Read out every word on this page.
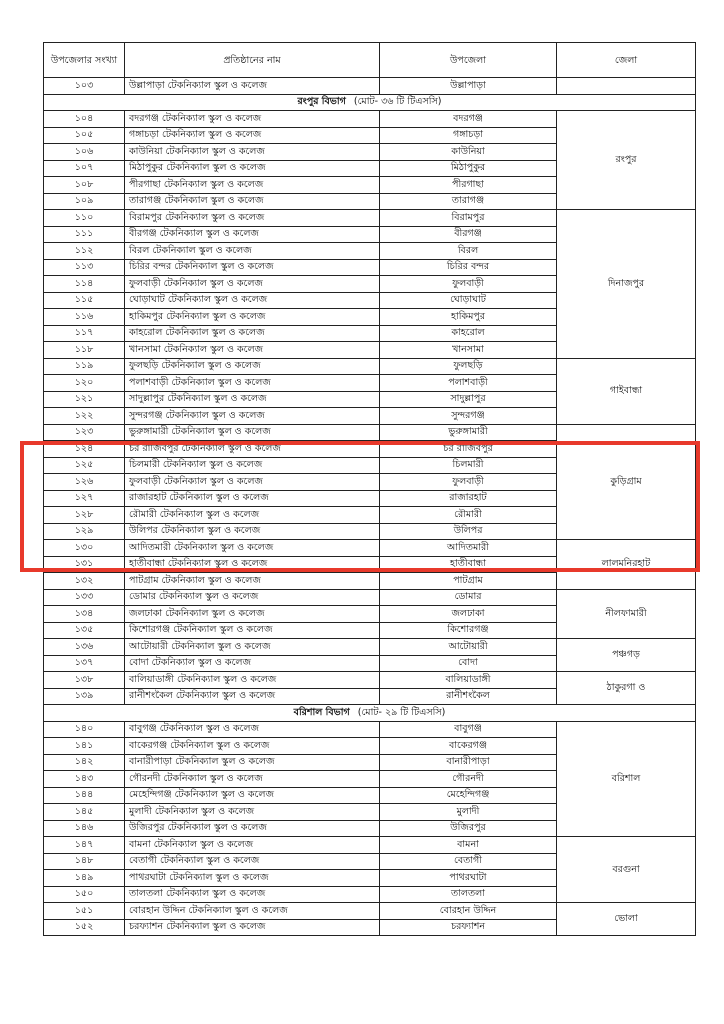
উপজেলার সংখ্যা	প্রতিষ্ঠানের নাম	উপজেলা	জেলা
১০৩	উল্লাপাড়া টেকনিক্যাল স্কুল ও কলেজ	উল্লাপাড়া	
রংপুর বিভাগ (মোট- ৩৬ টি টিএসসি)			
১০৪	বদরগঞ্জ টেকনিক্যাল স্কুল ও কলেজ	বদরগঞ্জ	রংপুর
১০৫	গঙ্গাচড়া টেকনিক্যাল স্কুল ও কলেজ	গঙ্গাচড়া	
১০৬	কাউনিয়া টেকনিক্যাল স্কুল ও কলেজ	কাউনিয়া	
১০৭	মিঠাপুকুর টেকনিক্যাল স্কুল ও কলেজ	মিঠাপুকুর	
১০৮	পীরগাছা টেকনিক্যাল স্কুল ও কলেজ	পীরগাছা	
১০৯	তারাগঞ্জ টেকনিক্যাল স্কুল ও কলেজ	তারাগঞ্জ	
১১০	বিরামপুর টেকনিক্যাল স্কুল ও কলেজ	বিরামপুর	দিনাজপুর
১১১	বীরগঞ্জ টেকনিক্যাল স্কুল ও কলেজ	বীরগঞ্জ	
১১২	বিরল টেকনিক্যাল স্কুল ও কলেজ	বিরল	
১১৩	চিরির বন্দর টেকনিক্যাল স্কুল ও কলেজ	চিরির বন্দর	
১১৪	ফুলবাড়ী টেকনিক্যাল স্কুল ও কলেজ	ফুলবাড়ী	
১১৫	ঘোড়াঘাট টেকনিক্যাল স্কুল ও কলেজ	ঘোড়াঘাট	
১১৬	হাকিমপুর টেকনিক্যাল স্কুল ও কলেজ	হাকিমপুর	
১১৭	কাহরোল টেকনিক্যাল স্কুল ও কলেজ	কাহরোল	
১১৮	খানসামা টেকনিক্যাল স্কুল ও কলেজ	খানসামা	
১১৯	ফুলছড়ি টেকনিক্যাল স্কুল ও কলেজ	ফুলছড়ি	গাইবান্ধা
১২০	পলাশবাড়ী টেকনিক্যাল স্কুল ও কলেজ	পলাশবাড়ী	
১২১	সাদুল্লাপুর টেকনিক্যাল স্কুল ও কলেজ	সাদুল্লাপুর	
১২২	সুন্দরগঞ্জ টেকনিক্যাল স্কুল ও কলেজ	সুন্দরগঞ্জ	
১২৩	ভুরুঙ্গামারী টেকনিক্যাল স্কুল ও কলেজ	ভুরুঙ্গামারী	কুড়িগ্রাম
১২৪	চর রাজিবপুর টেকনিক্যাল স্কুল ও কলেজ	চর রাজিবপুর	
১২৫	চিলমারী টেকনিক্যাল স্কুল ও কলেজ	চিলমারী	
১২৬	ফুলবাড়ী টেকনিক্যাল স্কুল ও কলেজ	ফুলবাড়ী	
১২৭	রাজারহাট টেকনিক্যাল স্কুল ও কলেজ	রাজারহাট	
১২৮	রৌমারী টেকনিক্যাল স্কুল ও কলেজ	রৌমারী	
১২৯	উলিপর টেকনিক্যাল স্কুল ও কলেজ	উলিপর	
১৩০	আদিতমারী টেকনিক্যাল স্কুল ও কলেজ	আদিতমারী	লালমনিরহাট
১৩১	হাতীবান্ধা টেকনিক্যাল স্কুল ও কলেজ	হাতীবান্ধা	
১৩২	পাটগ্রাম টেকনিক্যাল স্কুল ও কলেজ	পাটগ্রাম	
১৩৩	ডোমার টেকনিক্যাল স্কুল ও কলেজ	ডোমার	নীলফামারী
১৩৪	জলঢাকা টেকনিক্যাল স্কুল ও কলেজ	জলঢাকা	
১৩৫	কিশোরগঞ্জ টেকনিক্যাল স্কুল ও কলেজ	কিশোরগঞ্জ	
১৩৬	আটোয়ারী টেকনিক্যাল স্কুল ও কলেজ	আটোয়ারী	পঞ্চগড়
১৩৭	বোদা টেকনিক্যাল স্কুল ও কলেজ	বোদা	
১৩৮	বালিয়াডাঙ্গী টেকনিক্যাল স্কুল ও কলেজ	বালিয়াডাঙ্গী	ঠাকুরগা ও
১৩৯	রানীশংকৈল টেকনিক্যাল স্কুল ও কলেজ	রানীশংকৈল	
বরিশাল বিভাগ (মোট- ২৯ টি টিএসসি)			
১৪০	বাবুগঞ্জ টেকনিক্যাল স্কুল ও কলেজ	বাবুগঞ্জ	বরিশাল
১৪১	বাকেরগঞ্জ টেকনিক্যাল স্কুল ও কলেজ	বাকেরগঞ্জ	
১৪২	বানারীপাড়া টেকনিক্যাল স্কুল ও কলেজ	বানারীপাড়া	
১৪৩	গৌরনদী টেকনিক্যাল স্কুল ও কলেজ	গৌরনদী	
১৪৪	মেহেন্দিগঞ্জ টেকনিক্যাল স্কুল ও কলেজ	মেহেন্দিগঞ্জ	
১৪৫	মুলাদী টেকনিক্যাল স্কুল ও কলেজ	মুলাদী	
১৪৬	উজিরপুর টেকনিক্যাল স্কুল ও কলেজ	উজিরপুর	
১৪৭	বামনা টেকনিক্যাল স্কুল ও কলেজ	বামনা	বরগুনা
১৪৮	বেতাগী টেকনিক্যাল স্কুল ও কলেজ	বেতাগী	
১৪৯	পাথরঘাটা টেকনিক্যাল স্কুল ও কলেজ	পাথরঘাটা	
১৫০	তালতলা টেকনিক্যাল স্কুল ও কলেজ	তালতলা	
১৫১	বোরহান উদ্দিন টেকনিক্যাল স্কুল ও কলেজ	বোরহান উদ্দিন	ভোলা
১৫২	চরফ্যাশন টেকনিক্যাল স্কুল ও কলেজ	চরফ্যাশন	
